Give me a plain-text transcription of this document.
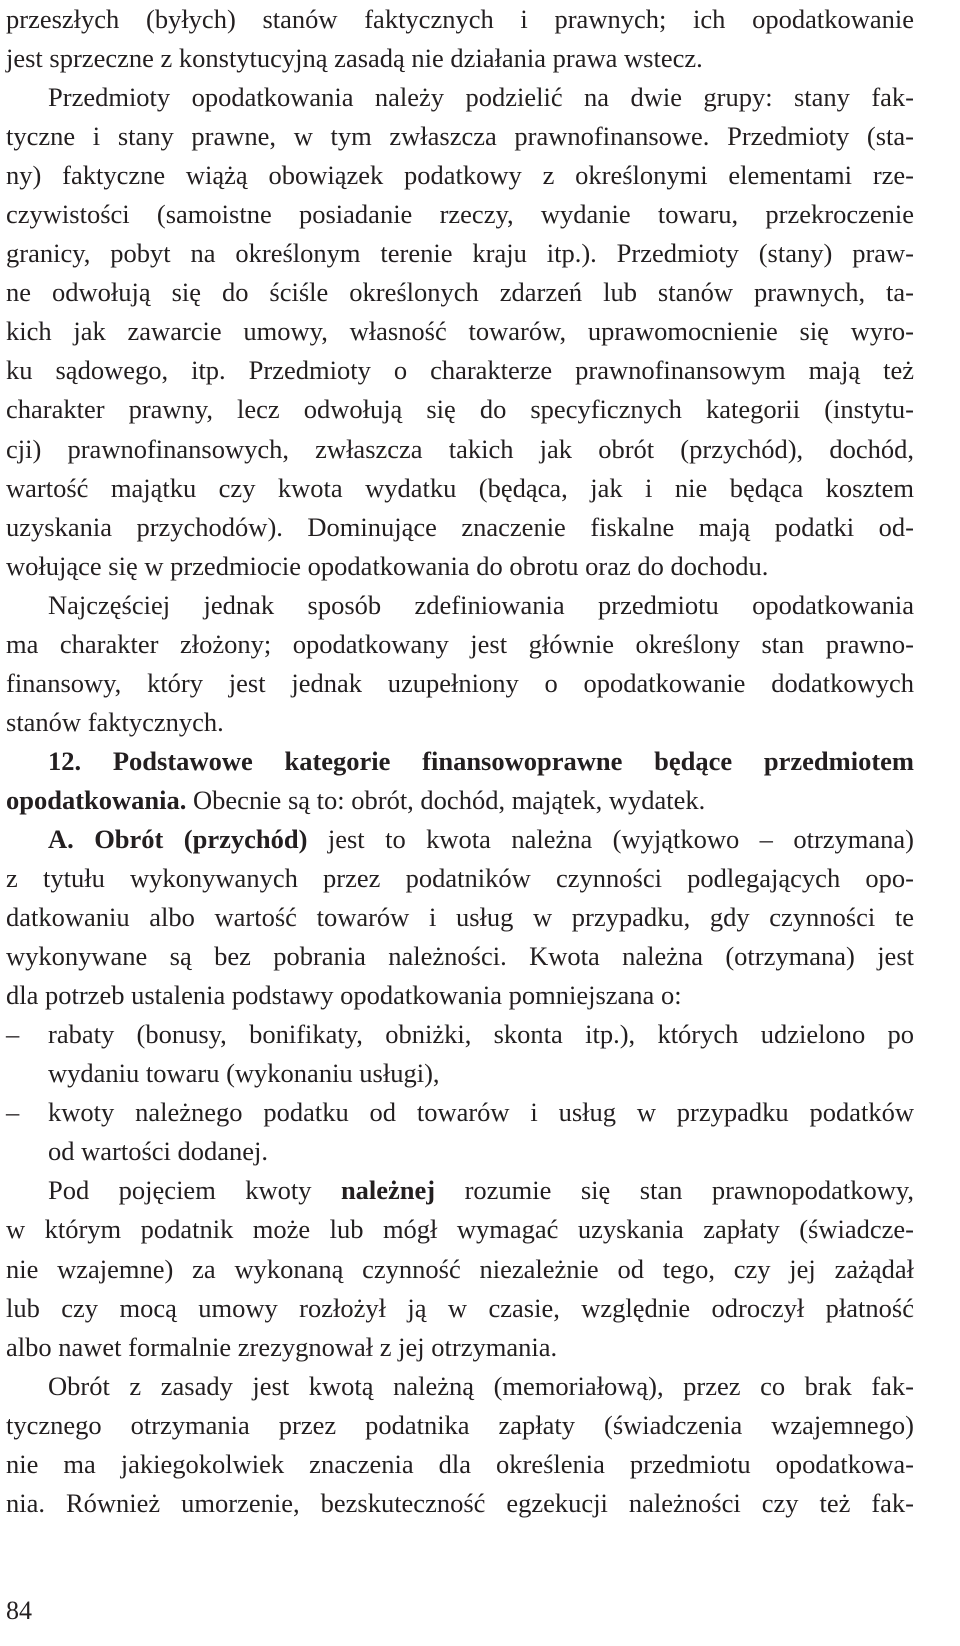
przeszłych (byłych) stanów faktycznych i prawnych; ich opodatkowanie
jest sprzeczne z konstytucyjną zasadą nie działania prawa wstecz.
Przedmioty opodatkowania należy podzielić na dwie grupy: stany fak-
tyczne i stany prawne, w tym zwłaszcza prawnofinansowe. Przedmioty (sta-
ny) faktyczne wiążą obowiązek podatkowy z określonymi elementami rze-
czywistości (samoistne posiadanie rzeczy, wydanie towaru, przekroczenie
granicy, pobyt na określonym terenie kraju itp.). Przedmioty (stany) praw-
ne odwołują się do ściśle określonych zdarzeń lub stanów prawnych, ta-
kich jak zawarcie umowy, własność towarów, uprawomocnienie się wyro-
ku sądowego, itp. Przedmioty o charakterze prawnofinansowym mają też
charakter prawny, lecz odwołują się do specyficznych kategorii (instytu-
cji) prawnofinansowych, zwłaszcza takich jak obrót (przychód), dochód,
wartość majątku czy kwota wydatku (będąca, jak i nie będąca kosztem
uzyskania przychodów). Dominujące znaczenie fiskalne mają podatki od-
wołujące się w przedmiocie opodatkowania do obrotu oraz do dochodu.
Najczęściej jednak sposób zdefiniowania przedmiotu opodatkowania
ma charakter złożony; opodatkowany jest głównie określony stan prawno-
finansowy, który jest jednak uzupełniony o opodatkowanie dodatkowych
stanów faktycznych.
12. Podstawowe kategorie finansowoprawne będące przedmiotem
opodatkowania. Obecnie są to: obrót, dochód, majątek, wydatek.
A. Obrót (przychód) jest to kwota należna (wyjątkowo – otrzymana)
z tytułu wykonywanych przez podatników czynności podlegających opo-
datkowaniu albo wartość towarów i usług w przypadku, gdy czynności te
wykonywane są bez pobrania należności. Kwota należna (otrzymana) jest
dla potrzeb ustalenia podstawy opodatkowania pomniejszana o:
–	rabaty (bonusy, bonifikaty, obniżki, skonta itp.), których udzielono po
wydaniu towaru (wykonaniu usługi),
–	kwoty należnego podatku od towarów i usług w przypadku podatków
od wartości dodanej.
Pod pojęciem kwoty należnej rozumie się stan prawnopodatkowy,
w którym podatnik może lub mógł wymagać uzyskania zapłaty (świadcze-
nie wzajemne) za wykonaną czynność niezależnie od tego, czy jej zażądał
lub czy mocą umowy rozłożył ją w czasie, względnie odroczył płatność
albo nawet formalnie zrezygnował z jej otrzymania.
Obrót z zasady jest kwotą należną (memoriałową), przez co brak fak-
tycznego otrzymania przez podatnika zapłaty (świadczenia wzajemnego)
nie ma jakiegokolwiek znaczenia dla określenia przedmiotu opodatkowa-
nia. Również umorzenie, bezskuteczność egzekucji należności czy też fak-
84
